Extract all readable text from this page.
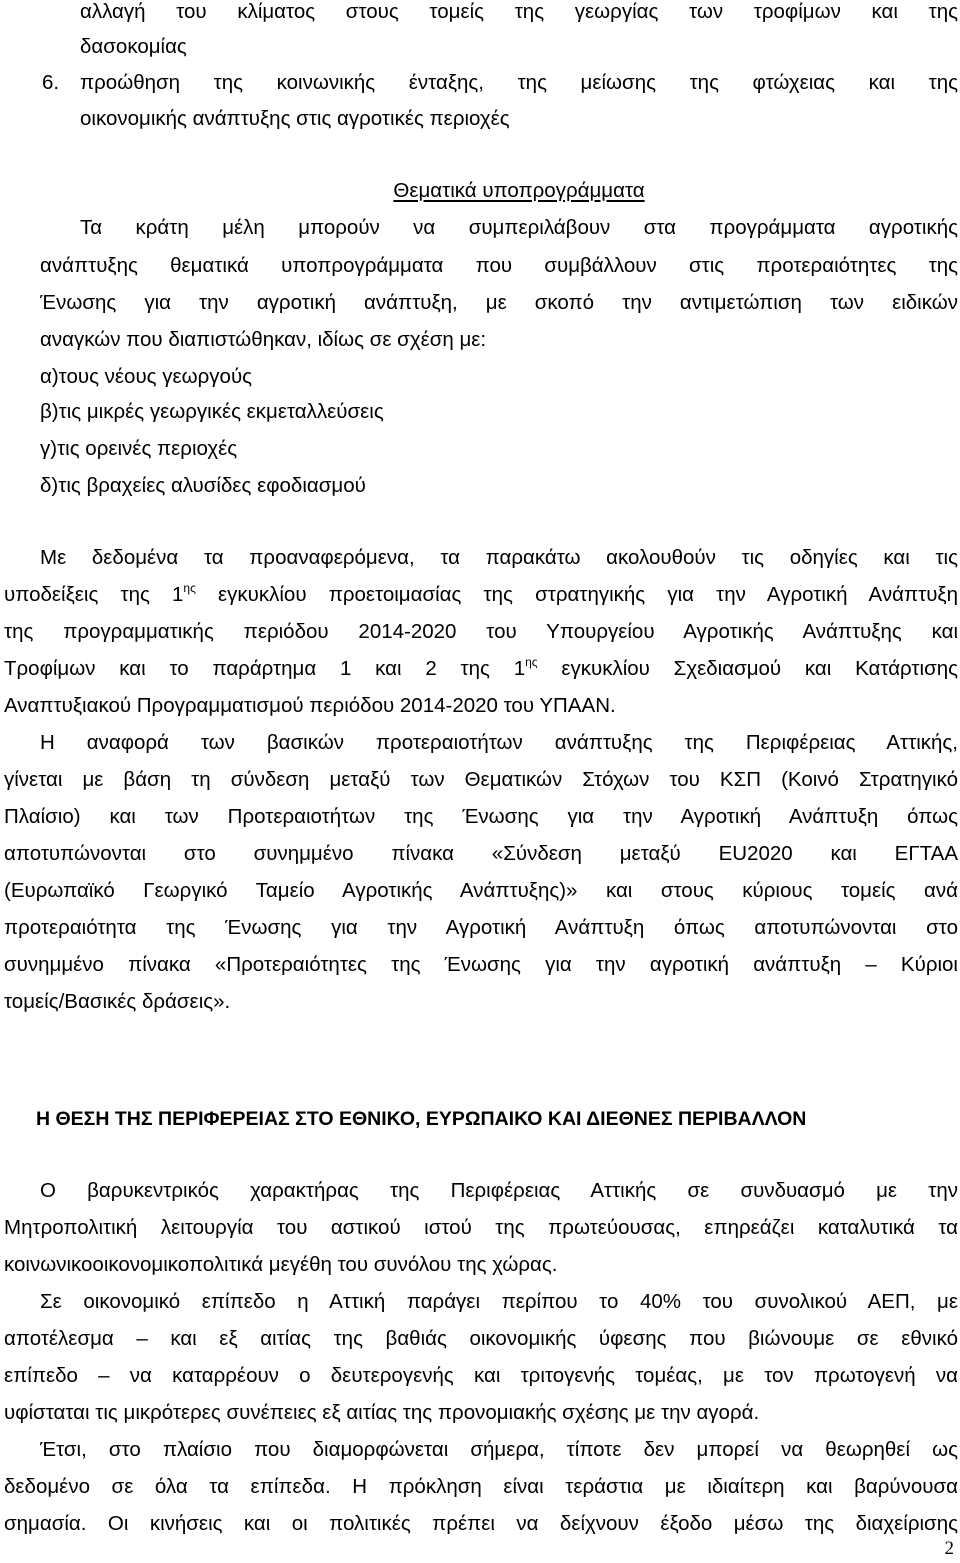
αλλαγή του κλίματος στους τομείς της γεωργίας των τροφίμων και της
δασοκομίας
6. προώθηση της κοινωνικής ένταξης, της μείωσης της φτώχειας και της
οικονομικής ανάπτυξης στις αγροτικές περιοχές
Θεματικά υποπρογράμματα
Τα κράτη μέλη μπορούν να συμπεριλάβουν στα προγράμματα αγροτικής
ανάπτυξης θεματικά υποπρογράμματα που συμβάλλουν στις προτεραιότητες της
Ένωσης για την αγροτική ανάπτυξη, με σκοπό την αντιμετώπιση των ειδικών
αναγκών που διαπιστώθηκαν, ιδίως σε σχέση με:
α)τους νέους γεωργούς
β)τις μικρές γεωργικές εκμεταλλεύσεις
γ)τις ορεινές περιοχές
δ)τις βραχείες αλυσίδες εφοδιασμού
Με δεδομένα τα προαναφερόμενα, τα παρακάτω ακολουθούν τις οδηγίες και τις
υποδείξεις της $1^{\eta\varsigma}$ εγκυκλίου προετοιμασίας της στρατηγικής για την Αγροτική Ανάπτυξη
της προγραμματικής περιόδου 2014-2020 του Υπουργείου Αγροτικής Ανάπτυξης και
Τροφίμων και το παράρτημα 1 και 2 της $1^{\eta\varsigma}$ εγκυκλίου Σχεδιασμού και Κατάρτισης
Αναπτυξιακού Προγραμματισμού περιόδου 2014-2020 του ΥΠΑΑΝ.
Η αναφορά των βασικών προτεραιοτήτων ανάπτυξης της Περιφέρειας Αττικής,
γίνεται με βάση τη σύνδεση μεταξύ των Θεματικών Στόχων του ΚΣΠ (Κοινό Στρατηγικό
Πλαίσιο) και των Προτεραιοτήτων της Ένωσης για την Αγροτική Ανάπτυξη όπως
αποτυπώνονται στο συνημμένο πίνακα «Σύνδεση μεταξύ EU2020 και ΕΓΤΑΑ
(Ευρωπαϊκό Γεωργικό Ταμείο Αγροτικής Ανάπτυξης)» και στους κύριους τομείς ανά
προτεραιότητα της Ένωσης για την Αγροτική Ανάπτυξη όπως αποτυπώνονται στο
συνημμένο πίνακα «Προτεραιότητες της Ένωσης για την αγροτική ανάπτυξη – Κύριοι
τομείς/Βασικές δράσεις».
Η ΘΕΣΗ ΤΗΣ ΠΕΡΙΦΕΡΕΙΑΣ ΣΤΟ ΕΘΝΙΚΟ, ΕΥΡΩΠΑΙΚΟ ΚΑΙ ΔΙΕΘΝΕΣ ΠΕΡΙΒΑΛΛΟΝ
Ο βαρυκεντρικός χαρακτήρας της Περιφέρειας Αττικής σε συνδυασμό με την
Μητροπολιτική λειτουργία του αστικού ιστού της πρωτεύουσας, επηρεάζει καταλυτικά τα
κοινωνικοοικονομικοπολιτικά μεγέθη του συνόλου της χώρας.
Σε οικονομικό επίπεδο η Αττική παράγει περίπου το 40% του συνολικού ΑΕΠ, με
αποτέλεσμα – και εξ αιτίας της βαθιάς οικονομικής ύφεσης που βιώνουμε σε εθνικό
επίπεδο – να καταρρέουν ο δευτερογενής και τριτογενής τομέας, με τον πρωτογενή να
υφίσταται τις μικρότερες συνέπειες εξ αιτίας της προνομιακής σχέσης με την αγορά.
Έτσι, στο πλαίσιο που διαμορφώνεται σήμερα, τίποτε δεν μπορεί να θεωρηθεί ως
δεδομένο σε όλα τα επίπεδα. Η πρόκληση είναι τεράστια με ιδιαίτερη και βαρύνουσα
σημασία. Οι κινήσεις και οι πολιτικές πρέπει να δείχνουν έξοδο μέσω της διαχείρισης
2
